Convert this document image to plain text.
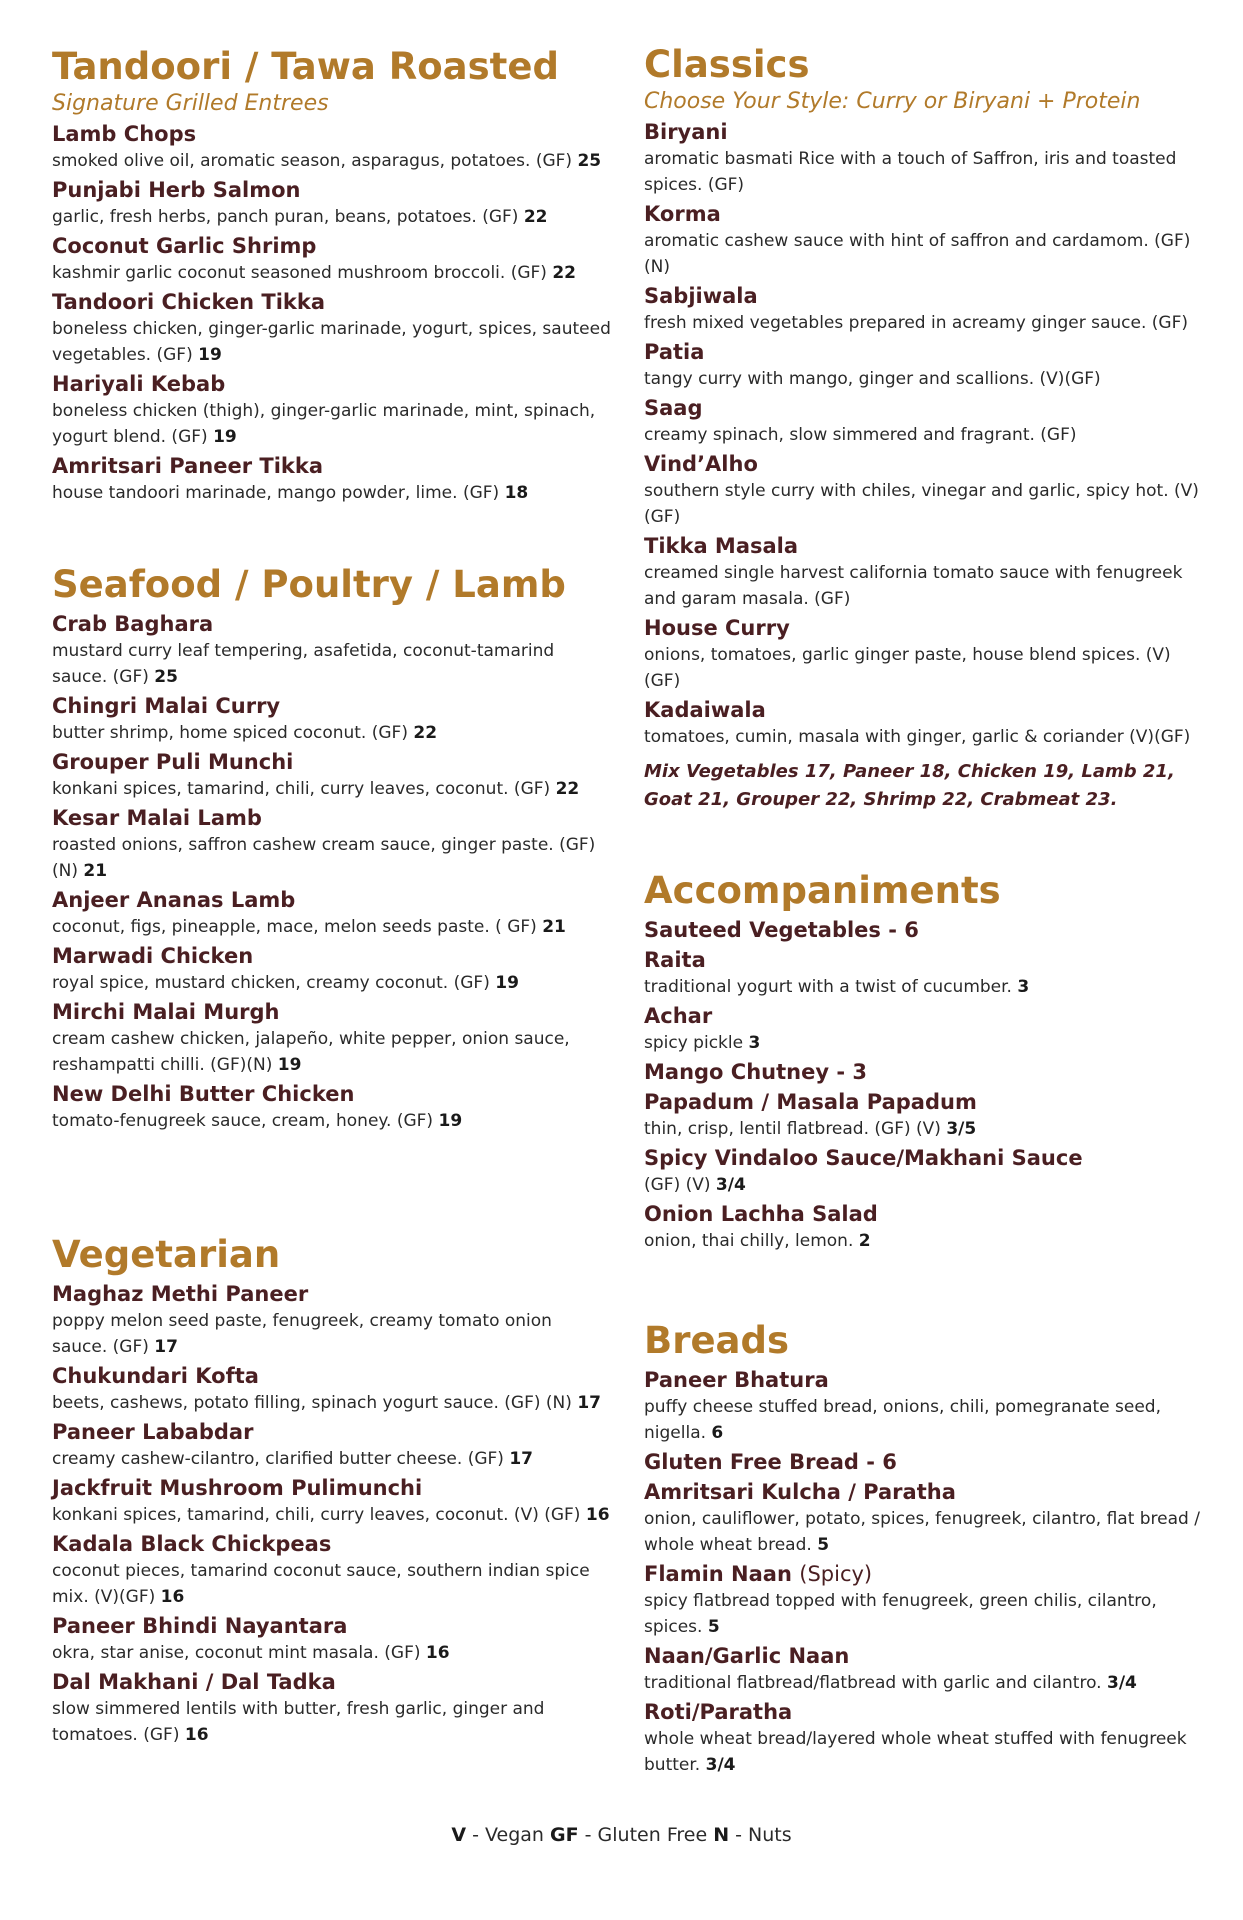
Tandoori / Tawa Roasted
Signature Grilled Entrees
Lamb Chops
smoked olive oil, aromatic season, asparagus, potatoes. (GF) 25
Punjabi Herb Salmon
garlic, fresh herbs, panch puran, beans, potatoes. (GF) 22
Coconut Garlic Shrimp
kashmir garlic coconut seasoned mushroom broccoli. (GF) 22
Tandoori Chicken Tikka
boneless chicken, ginger-garlic marinade, yogurt, spices, sauteed vegetables. (GF) 19
Hariyali Kebab
boneless chicken (thigh), ginger-garlic marinade, mint, spinach, yogurt blend. (GF) 19
Amritsari Paneer Tikka
house tandoori marinade, mango powder, lime. (GF) 18
Seafood / Poultry / Lamb
Crab Baghara
mustard curry leaf tempering, asafetida, coconut-tamarind sauce. (GF) 25
Chingri Malai Curry
butter shrimp, home spiced coconut. (GF) 22
Grouper Puli Munchi
konkani spices, tamarind, chili, curry leaves, coconut. (GF) 22
Kesar Malai Lamb
roasted onions, saffron cashew cream sauce, ginger paste. (GF)(N) 21
Anjeer Ananas Lamb
coconut, figs, pineapple, mace, melon seeds paste. ( GF) 21
Marwadi Chicken
royal spice, mustard chicken, creamy coconut. (GF) 19
Mirchi Malai Murgh
cream cashew chicken, jalapeño, white pepper, onion sauce, reshampatti chilli. (GF)(N) 19
New Delhi Butter Chicken
tomato-fenugreek sauce, cream, honey. (GF) 19
Vegetarian
Maghaz Methi Paneer
poppy melon seed paste, fenugreek, creamy tomato onion sauce. (GF) 17
Chukundari Kofta
beets, cashews, potato filling, spinach yogurt sauce. (GF) (N) 17
Paneer Lababdar
creamy cashew-cilantro, clarified butter cheese. (GF) 17
Jackfruit Mushroom Pulimunchi
konkani spices, tamarind, chili, curry leaves, coconut. (V) (GF) 16
Kadala Black Chickpeas
coconut pieces, tamarind coconut sauce, southern indian spice mix. (V)(GF) 16
Paneer Bhindi Nayantara
okra, star anise, coconut mint masala. (GF) 16
Dal Makhani / Dal Tadka
slow simmered lentils with butter, fresh garlic, ginger and tomatoes. (GF) 16
Classics
Choose Your Style: Curry or Biryani + Protein
Biryani
aromatic basmati Rice with a touch of Saffron, iris and toasted spices. (GF)
Korma
aromatic cashew sauce with hint of saffron and cardamom. (GF)(N)
Sabjiwala
fresh mixed vegetables prepared in acreamy ginger sauce. (GF)
Patia
tangy curry with mango, ginger and scallions. (V)(GF)
Saag
creamy spinach, slow simmered and fragrant. (GF)
Vind’Alho
southern style curry with chiles, vinegar and garlic, spicy hot. (V)(GF)
Tikka Masala
creamed single harvest california tomato sauce with fenugreek and garam masala. (GF)
House Curry
onions, tomatoes, garlic ginger paste, house blend spices. (V)(GF)
Kadaiwala
tomatoes, cumin, masala with ginger, garlic & coriander (V)(GF)
Mix Vegetables 17, Paneer 18, Chicken 19, Lamb 21, Goat 21, Grouper 22, Shrimp 22, Crabmeat 23.
Accompaniments
Sauteed Vegetables - 6
Raita
traditional yogurt with a twist of cucumber. 3
Achar
spicy pickle 3
Mango Chutney - 3
Papadum / Masala Papadum
thin, crisp, lentil flatbread. (GF) (V) 3/5
Spicy Vindaloo Sauce/Makhani Sauce
(GF) (V) 3/4
Onion Lachha Salad
onion, thai chilly, lemon. 2
Breads
Paneer Bhatura
puffy cheese stuffed bread, onions, chili, pomegranate seed, nigella. 6
Gluten Free Bread - 6
Amritsari Kulcha / Paratha
onion, cauliflower, potato, spices, fenugreek, cilantro, flat bread / whole wheat bread. 5
Flamin Naan (Spicy)
spicy flatbread topped with fenugreek, green chilis, cilantro, spices. 5
Naan/Garlic Naan
traditional flatbread/flatbread with garlic and cilantro. 3/4
Roti/Paratha
whole wheat bread/layered whole wheat stuffed with fenugreek butter. 3/4
V - Vegan GF - Gluten Free N - Nuts
